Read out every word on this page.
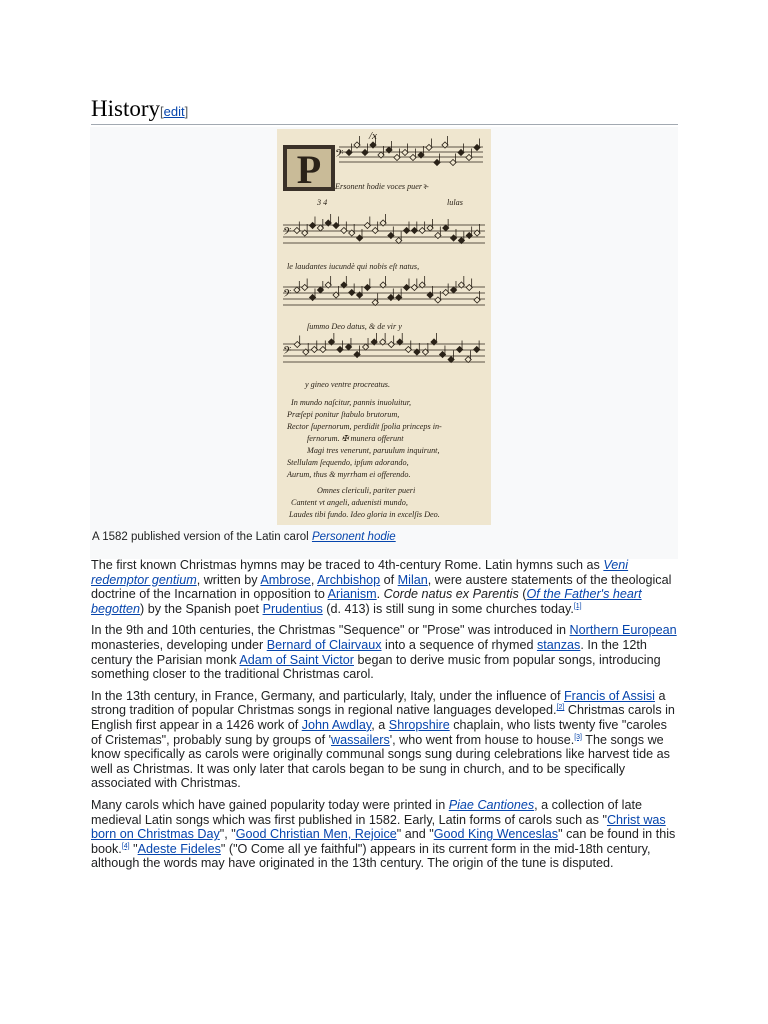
History[edit]
P
/x
𝄢
𝄢
𝄢
𝄢
Ersonent hodie voces puerꝛ-
lulas
3 4
le laudantes iucundè qui nobis eſt natus,
ſummo Deo datus, & de vir y
y gineo ventre procreatus.
In mundo naſcitur, pannis inuoluitur,
Præſepi ponitur ſtabulo brutorum,
Rector ſupernorum, perdidit ſpolia princeps in-
fernorum. ✠ munera offerunt
Magi tres venerunt, paruulum inquirunt,
Stellulam ſequendo, ipſum adorando,
Aurum, thus & myrrham ei offerendo.
Omnes clericuli, pariter pueri
Cantent vt angeli, aduenisti mundo,
Laudes tibi fundo. Ideo gloria in excelſis Deo.
A 1582 published version of the Latin carol Personent hodie

The first known Christmas hymns may be traced to 4th-century Rome. Latin hymns such as Veni redemptor gentium, written by Ambrose, Archbishop of Milan, were austere statements of the theological doctrine of the Incarnation in opposition to Arianism. Corde natus ex Parentis (Of the Father's heart begotten) by the Spanish poet Prudentius (d. 413) is still sung in some churches today.[1]

In the 9th and 10th centuries, the Christmas "Sequence" or "Prose" was introduced in Northern European monasteries, developing under Bernard of Clairvaux into a sequence of rhymed stanzas. In the 12th century the Parisian monk Adam of Saint Victor began to derive music from popular songs, introducing something closer to the traditional Christmas carol.

In the 13th century, in France, Germany, and particularly, Italy, under the influence of Francis of Assisi a strong tradition of popular Christmas songs in regional native languages developed.[2] Christmas carols in English first appear in a 1426 work of John Awdlay, a Shropshire chaplain, who lists twenty five "caroles of Cristemas", probably sung by groups of 'wassailers', who went from house to house.[3] The songs we know specifically as carols were originally communal songs sung during celebrations like harvest tide as well as Christmas. It was only later that carols began to be sung in church, and to be specifically associated with Christmas.

Many carols which have gained popularity today were printed in Piae Cantiones, a collection of late medieval Latin songs which was first published in 1582. Early, Latin forms of carols such as "Christ was born on Christmas Day", "Good Christian Men, Rejoice" and "Good King Wenceslas" can be found in this book.[4] "Adeste Fideles" ("O Come all ye faithful") appears in its current form in the mid-18th century, although the words may have originated in the 13th century. The origin of the tune is disputed.
